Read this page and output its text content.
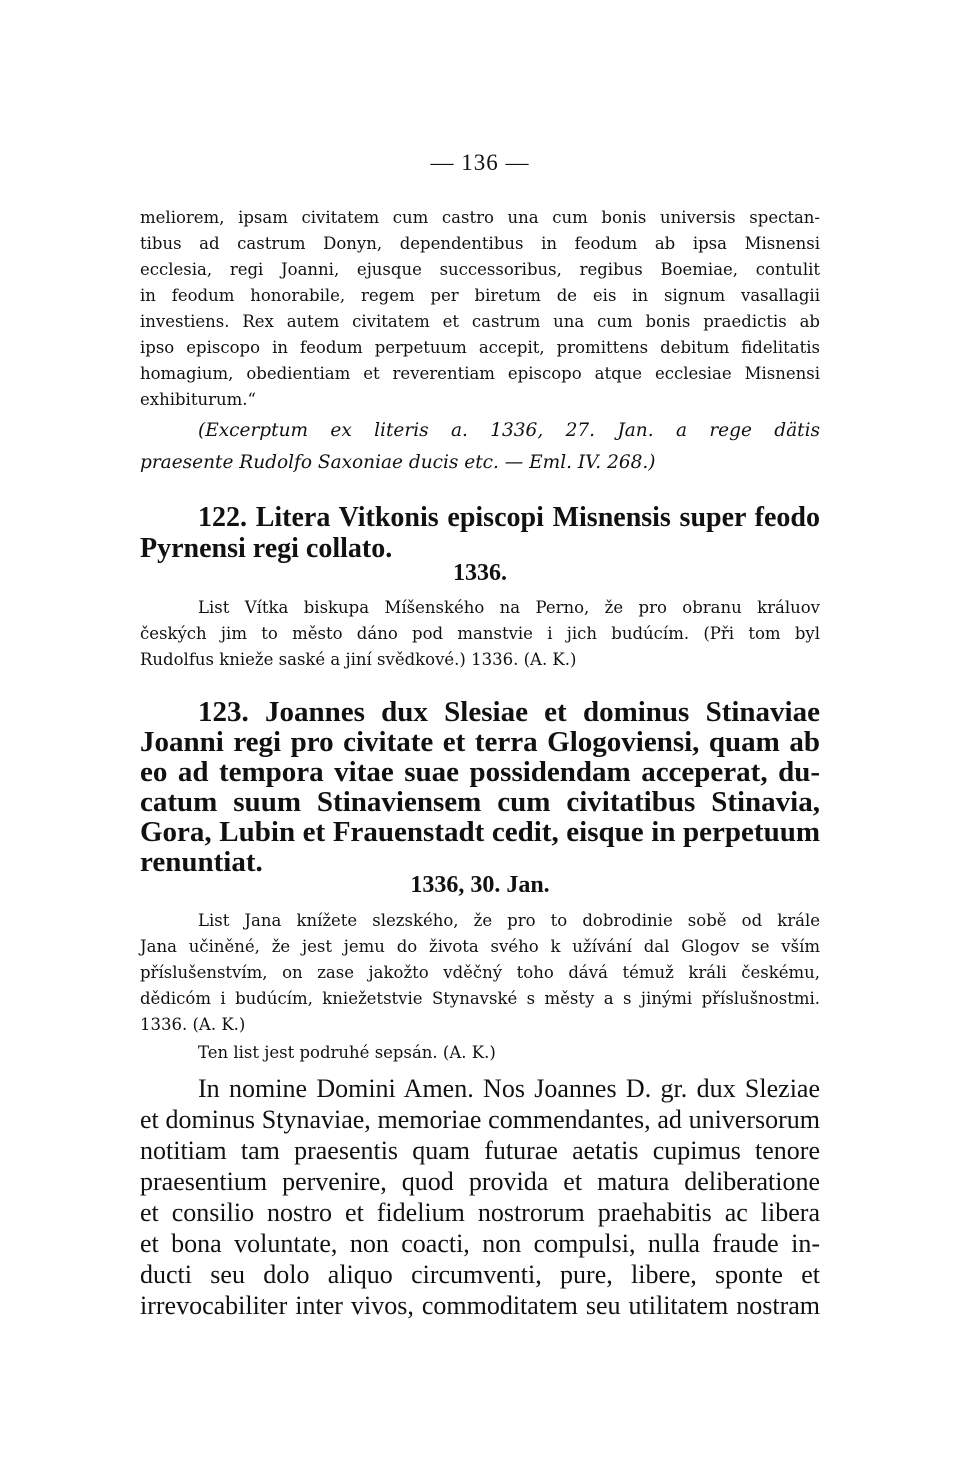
— 136 —
meliorem, ipsam civitatem cum castro una cum bonis universis spectan-
tibus ad castrum Donyn, dependentibus in feodum ab ipsa Misnensi
ecclesia, regi Joanni, ejusque successoribus, regibus Boemiae, contulit
in feodum honorabile, regem per biretum de eis in signum vasallagii
investiens. Rex autem civitatem et castrum una cum bonis praedictis ab
ipso episcopo in feodum perpetuum accepit, promittens debitum fidelitatis
homagium, obedientiam et reverentiam episcopo atque ecclesiae Misnensi
exhibiturum.“
(Excerptum ex literis a. 1336, 27. Jan. a rege dätis
praesente Rudolfo Saxoniae ducis etc. — Eml. IV. 268.)
122. Litera Vitkonis episcopi Misnensis super feodo
Pyrnensi regi collato.
1336.
List Vítka biskupa Míšenského na Perno, že pro obranu králuov
českých jim to město dáno pod manstvie i jich budúcím. (Při tom byl
Rudolfus knieže saské a jiní svědkové.) 1336. (A. K.)
123. Joannes dux Slesiae et dominus Stinaviae
Joanni regi pro civitate et terra Glogoviensi, quam ab
eo ad tempora vitae suae possidendam acceperat, du-
catum suum Stinaviensem cum civitatibus Stinavia,
Gora, Lubin et Frauenstadt cedit, eisque in perpetuum
renuntiat.
1336, 30. Jan.
List Jana knížete slezského, že pro to dobrodinie sobě od krále
Jana učiněné, že jest jemu do života svého k užívání dal Glogov se vším
příslušenstvím, on zase jakožto vděčný toho dává témuž králi českému,
dědicóm i budúcím, kniežetstvie Stynavské s městy a s jinými příslušnostmi.
1336. (A. K.)
Ten list jest podruhé sepsán. (A. K.)
In nomine Domini Amen. Nos Joannes D. gr. dux Sleziae
et dominus Stynaviae, memoriae commendantes, ad universorum
notitiam tam praesentis quam futurae aetatis cupimus tenore
praesentium pervenire, quod provida et matura deliberatione
et consilio nostro et fidelium nostrorum praehabitis ac libera
et bona voluntate, non coacti, non compulsi, nulla fraude in-
ducti seu dolo aliquo circumventi, pure, libere, sponte et
irrevocabiliter inter vivos, commoditatem seu utilitatem nostram
